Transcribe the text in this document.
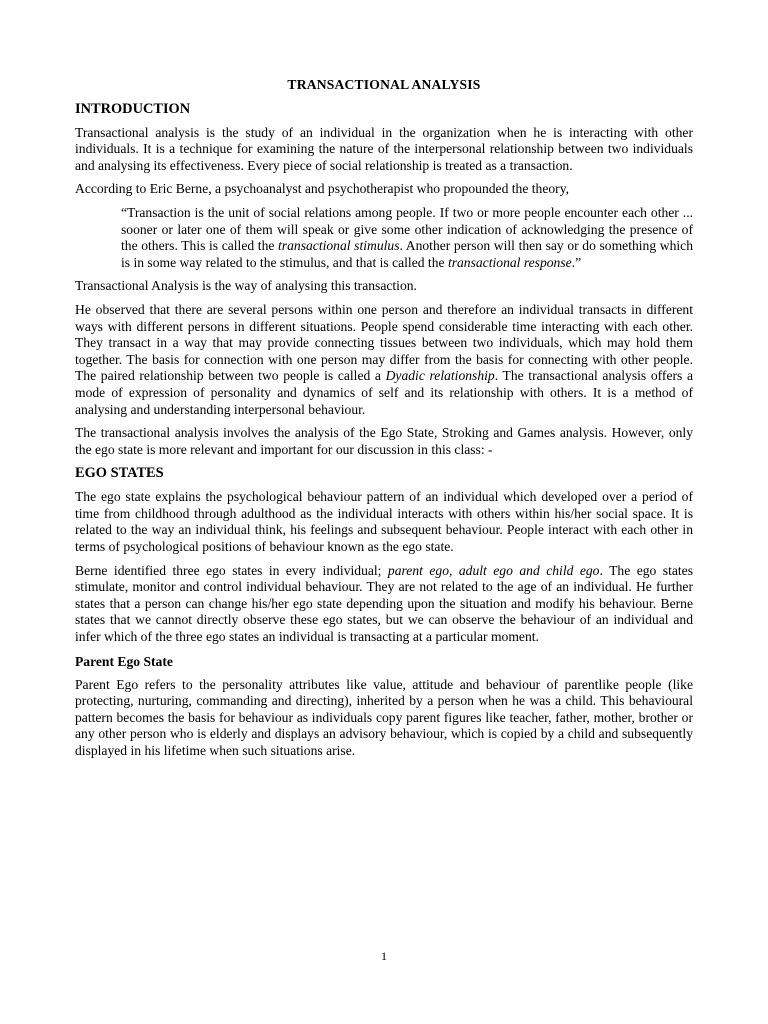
TRANSACTIONAL ANALYSIS
INTRODUCTION

Transactional analysis is the study of an individual in the organization when he is interacting with other individuals. It is a technique for examining the nature of the interpersonal relationship between two individuals and analysing its effectiveness. Every piece of social relationship is treated as a transaction.

According to Eric Berne, a psychoanalyst and psychotherapist who propounded the theory,

“Transaction is the unit of social relations among people. If two or more people encounter each other ... sooner or later one of them will speak or give some other indication of acknowledging the presence of the others. This is called the transactional stimulus. Another person will then say or do something which is in some way related to the stimulus, and that is called the transactional response.”

Transactional Analysis is the way of analysing this transaction.

He observed that there are several persons within one person and therefore an individual transacts in different ways with different persons in different situations. People spend considerable time interacting with each other. They transact in a way that may provide connecting tissues between two individuals, which may hold them together. The basis for connection with one person may differ from the basis for connecting with other people. The paired relationship between two people is called a Dyadic relationship. The transactional analysis offers a mode of expression of personality and dynamics of self and its relationship with others. It is a method of analysing and understanding interpersonal behaviour.

The transactional analysis involves the analysis of the Ego State, Stroking and Games analysis. However, only the ego state is more relevant and important for our discussion in this class: -

EGO STATES

The ego state explains the psychological behaviour pattern of an individual which developed over a period of time from childhood through adulthood as the individual interacts with others within his/her social space. It is related to the way an individual think, his feelings and subsequent behaviour. People interact with each other in terms of psychological positions of behaviour known as the ego state.

Berne identified three ego states in every individual; parent ego, adult ego and child ego. The ego states stimulate, monitor and control individual behaviour. They are not related to the age of an individual. He further states that a person can change his/her ego state depending upon the situation and modify his behaviour. Berne states that we cannot directly observe these ego states, but we can observe the behaviour of an individual and infer which of the three ego states an individual is transacting at a particular moment.

Parent Ego State

Parent Ego refers to the personality attributes like value, attitude and behaviour of parentlike people (like protecting, nurturing, commanding and directing), inherited by a person when he was a child. This behavioural pattern becomes the basis for behaviour as individuals copy parent figures like teacher, father, mother, brother or any other person who is elderly and displays an advisory behaviour, which is copied by a child and subsequently displayed in his lifetime when such situations arise.

1
